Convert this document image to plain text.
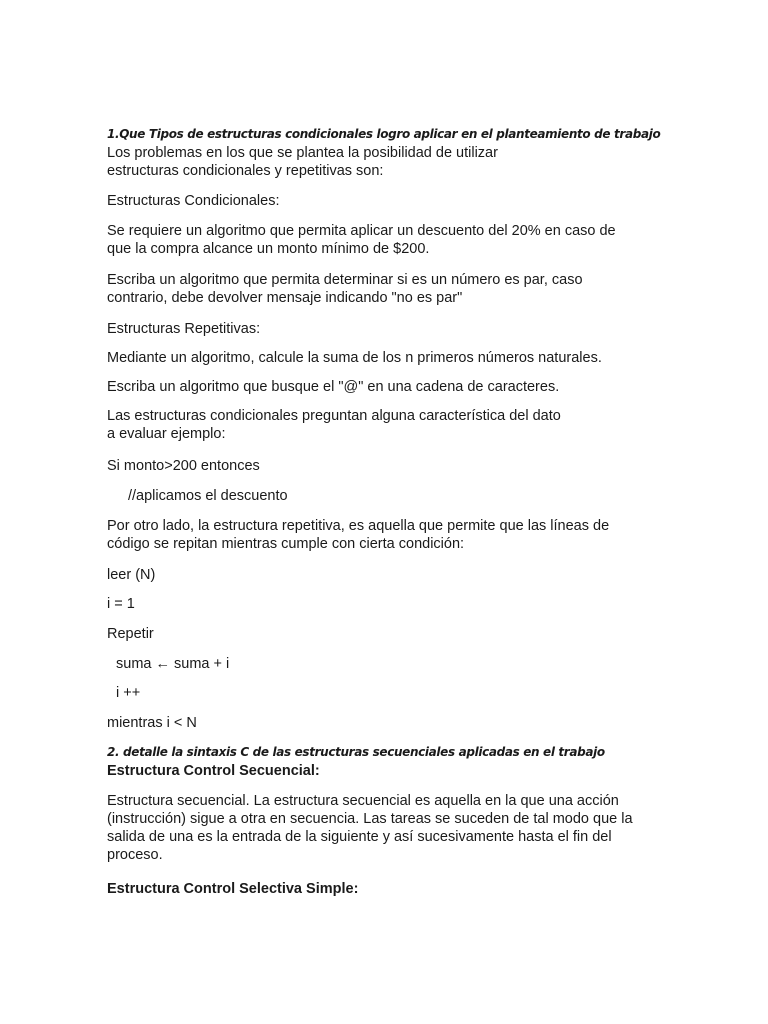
1.Que Tipos de estructuras condicionales logro aplicar en el planteamiento de trabajo

Los problemas en los que se plantea la posibilidad de utilizar
estructuras condicionales y repetitivas son:

Estructuras Condicionales:

Se requiere un algoritmo que permita aplicar un descuento del 20% en caso de
que la compra alcance un monto mínimo de $200.

Escriba un algoritmo que permita determinar si es un número es par, caso
contrario, debe devolver mensaje indicando "no es par"

Estructuras Repetitivas:

Mediante un algoritmo, calcule la suma de los n primeros números naturales.

Escriba un algoritmo que busque el "@" en una cadena de caracteres.

Las estructuras condicionales preguntan alguna característica del dato
a evaluar ejemplo:

Si monto>200 entonces

//aplicamos el descuento

Por otro lado, la estructura repetitiva, es aquella que permite que las líneas de
código se repitan mientras cumple con cierta condición:

leer (N)

i = 1

Repetir

suma ← suma + i

i ++

mientras i < N

2. detalle la sintaxis C de las estructuras secuenciales aplicadas en el trabajo

Estructura Control Secuencial:

Estructura secuencial. La estructura secuencial es aquella en la que una acción
(instrucción) sigue a otra en secuencia. Las tareas se suceden de tal modo que la
salida de una es la entrada de la siguiente y así sucesivamente hasta el fin del
proceso.

Estructura Control Selectiva Simple:
